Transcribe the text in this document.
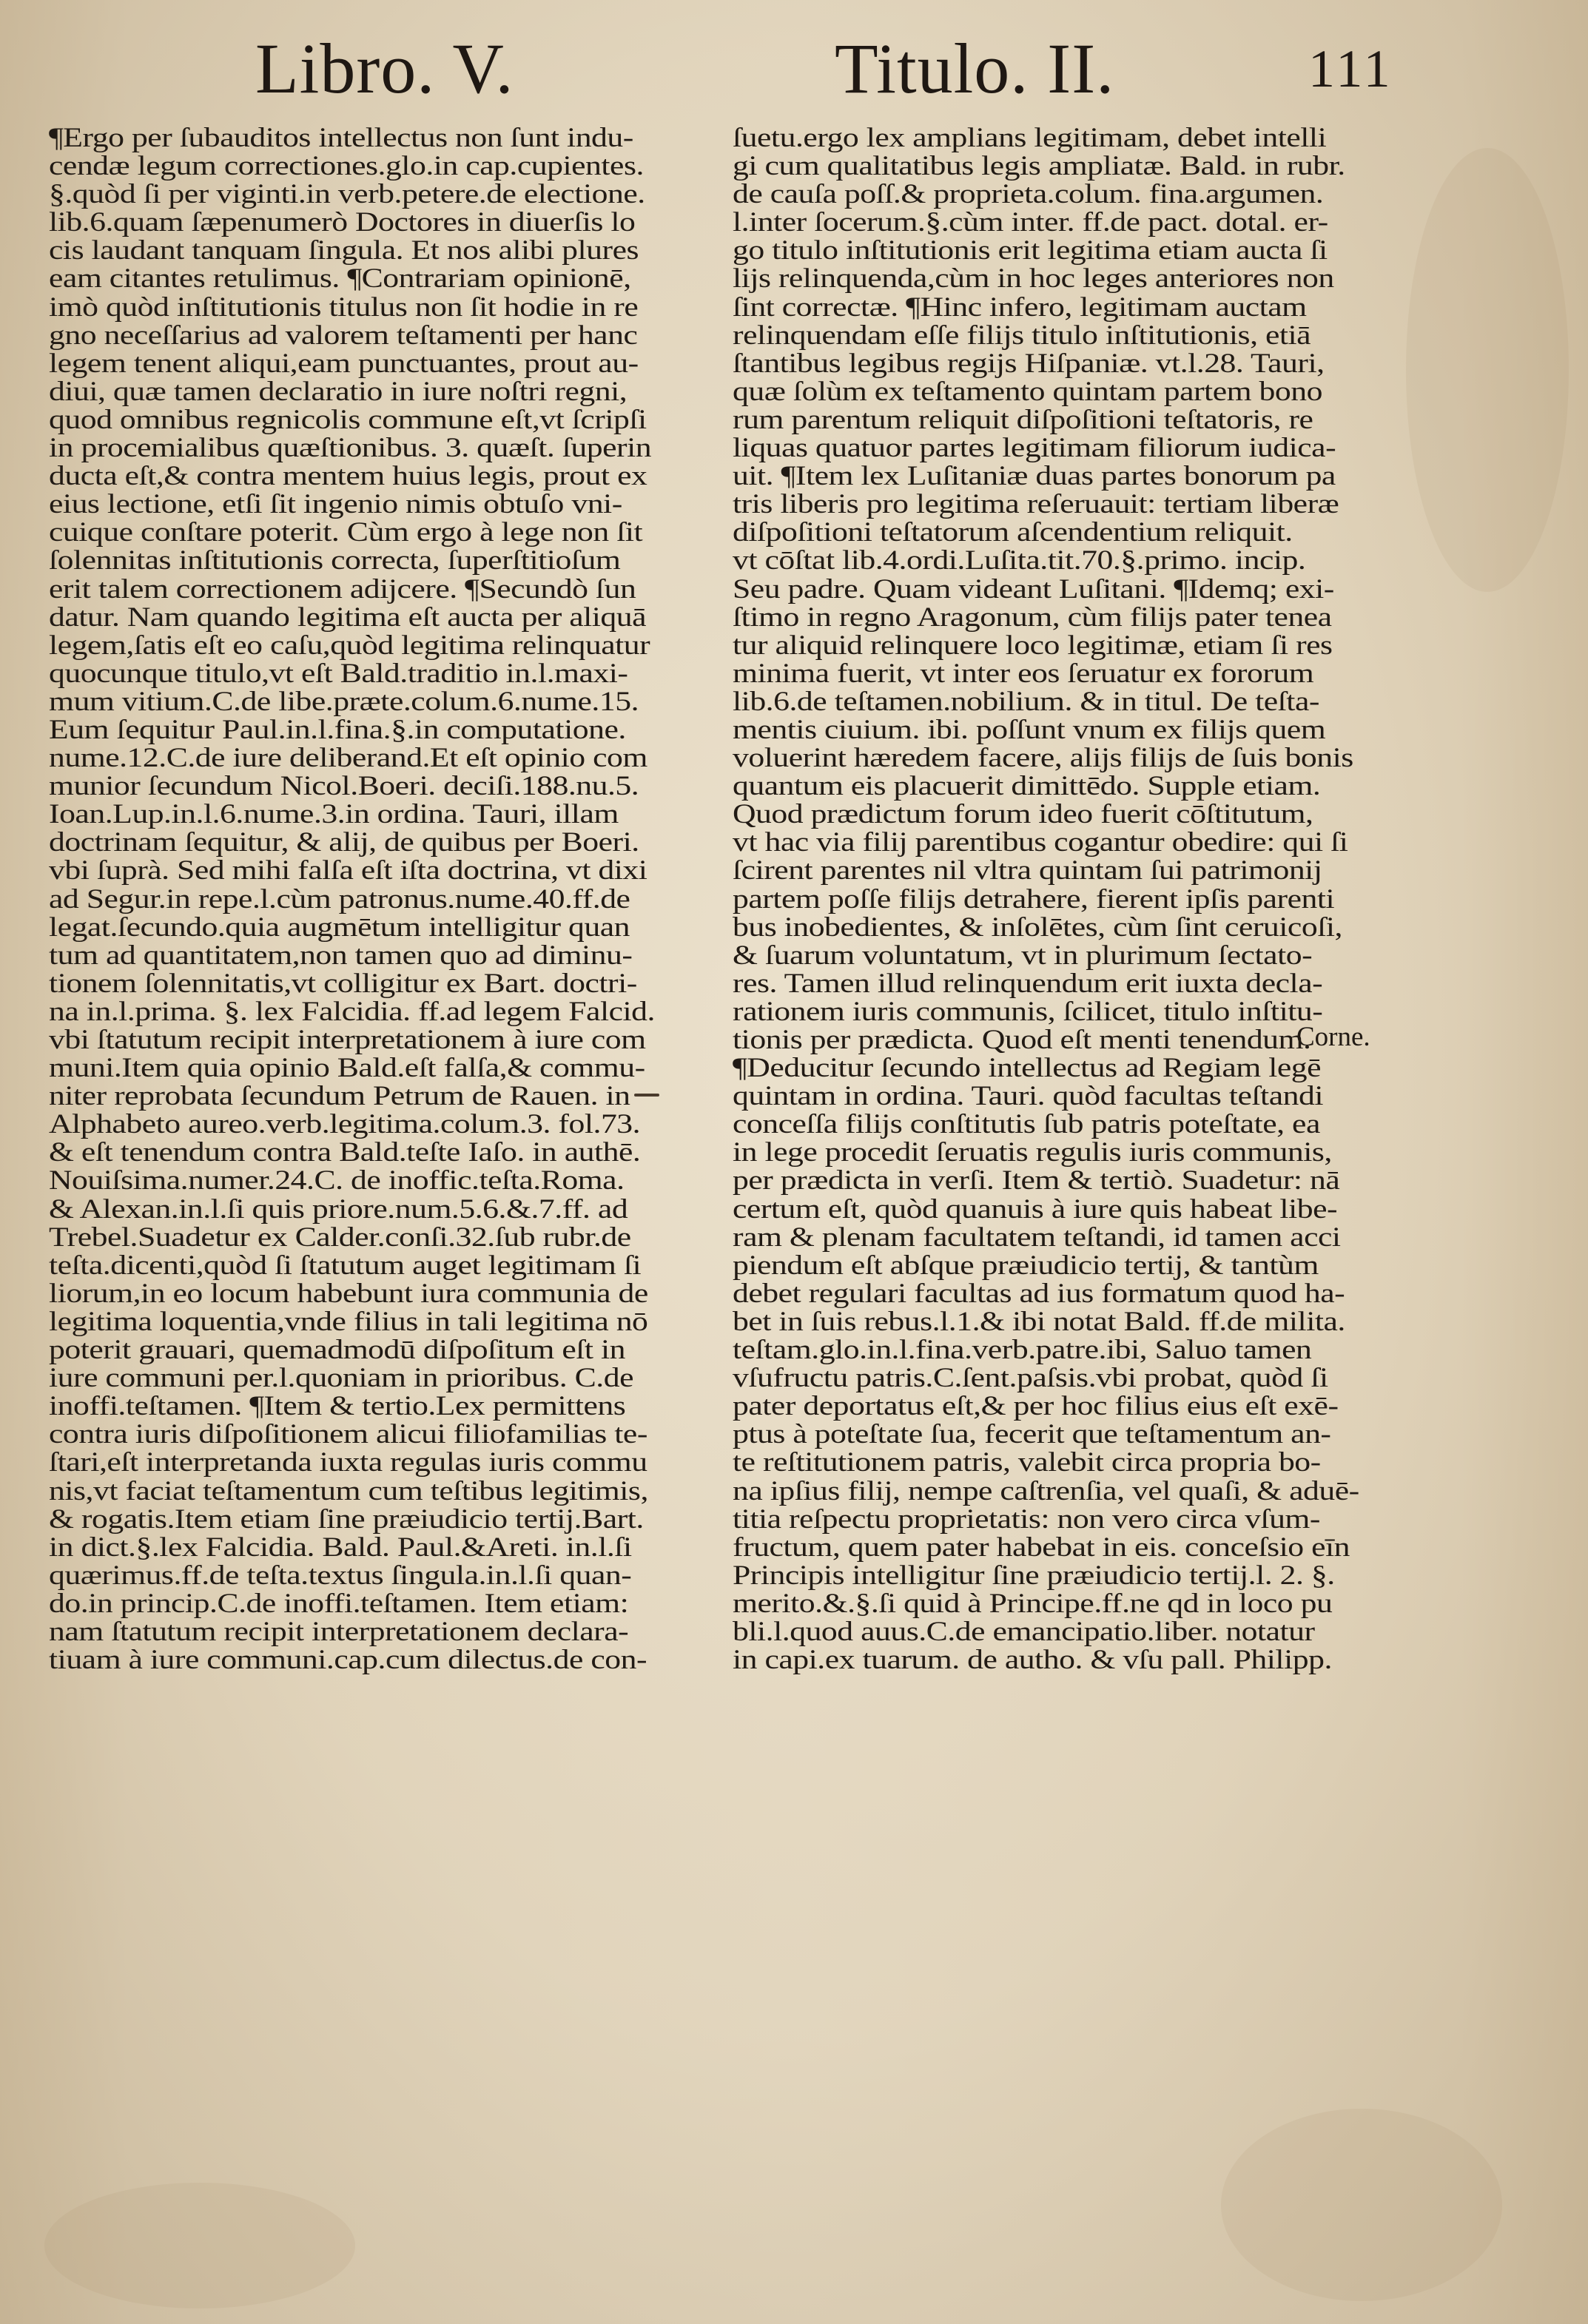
Libro. V.	Titulo. II.	111
¶Ergo per ſubauditos intellectus non ſunt indu-
cendæ legum correctiones.glo.in cap.cupientes.
§.quòd ſi per viginti.in verb.petere.de electione.
lib.6.quam ſæpenumerò Doctores in diuerſis lo
cis laudant tanquam ſingula. Et nos alibi plures
eam citantes retulimus. ¶Contrariam opinionē,
imò quòd inſtitutionis titulus non ſit hodie in re
gno neceſſarius ad valorem teſtamenti per hanc
legem tenent aliqui,eam punctuantes, prout au-
diui, quæ tamen declaratio in iure noſtri regni,
quod omnibus regnicolis commune eſt,vt ſcripſi
in procemialibus quæſtionibus. 3. quæſt. ſuperin
ducta eſt,& contra mentem huius legis, prout ex
eius lectione, etſi ſit ingenio nimis obtuſo vni-
cuique conſtare poterit. Cùm ergo à lege non ſit
ſolennitas inſtitutionis correcta, ſuperſtitioſum
erit talem correctionem adijcere. ¶Secundò ſun
datur. Nam quando legitima eſt aucta per aliquā
legem,ſatis eſt eo caſu,quòd legitima relinquatur
quocunque titulo,vt eſt Bald.traditio in.l.maxi-
mum vitium.C.de libe.præte.colum.6.nume.15.
Eum ſequitur Paul.in.l.fina.§.in computatione.
nume.12.C.de iure deliberand.Et eſt opinio com
munior ſecundum Nicol.Boeri. deciſi.188.nu.5.
Ioan.Lup.in.l.6.nume.3.in ordina. Tauri, illam
doctrinam ſequitur, & alij, de quibus per Boeri.
vbi ſuprà. Sed mihi falſa eſt iſta doctrina, vt dixi
ad Segur.in repe.l.cùm patronus.nume.40.ff.de
legat.ſecundo.quia augmētum intelligitur quan
tum ad quantitatem,non tamen quo ad diminu-
tionem ſolennitatis,vt colligitur ex Bart. doctri-
na in.l.prima. §. lex Falcidia. ff.ad legem Falcid.
vbi ſtatutum recipit interpretationem à iure com
muni.Item quia opinio Bald.eſt falſa,& commu-
niter reprobata ſecundum Petrum de Rauen. in
Alphabeto aureo.verb.legitima.colum.3. fol.73.
& eſt tenendum contra Bald.teſte Iaſo. in authē.
Nouiſsima.numer.24.C. de inoffic.teſta.Roma.
& Alexan.in.l.ſi quis priore.num.5.6.&.7.ff. ad
Trebel.Suadetur ex Calder.conſi.32.ſub rubr.de
teſta.dicenti,quòd ſi ſtatutum auget legitimam ſi
liorum,in eo locum habebunt iura communia de
legitima loquentia,vnde filius in tali legitima nō
poterit grauari, quemadmodū diſpoſitum eſt in
iure communi per.l.quoniam in prioribus. C.de
inoffi.teſtamen. ¶Item & tertio.Lex permittens
contra iuris diſpoſitionem alicui filiofamilias te-
ſtari,eſt interpretanda iuxta regulas iuris commu
nis,vt faciat teſtamentum cum teſtibus legitimis,
& rogatis.Item etiam ſine præiudicio tertij.Bart.
in dict.§.lex Falcidia. Bald. Paul.&Areti. in.l.ſi
quærimus.ff.de teſta.textus ſingula.in.l.ſi quan-
do.in princip.C.de inoffi.teſtamen. Item etiam:
nam ſtatutum recipit interpretationem declara-
tiuam à iure communi.cap.cum dilectus.de con-
ſuetu.ergo lex amplians legitimam, debet intelli
gi cum qualitatibus legis ampliatæ. Bald. in rubr.
de cauſa poſſ.& proprieta.colum. fina.argumen.
l.inter ſocerum.§.cùm inter. ff.de pact. dotal. er-
go titulo inſtitutionis erit legitima etiam aucta ſi
lijs relinquenda,cùm in hoc leges anteriores non
ſint correctæ. ¶Hinc infero, legitimam auctam
relinquendam eſſe filijs titulo inſtitutionis, etiā
ſtantibus legibus regijs Hiſpaniæ. vt.l.28. Tauri,
quæ ſolùm ex teſtamento quintam partem bono
rum parentum reliquit diſpoſitioni teſtatoris, re
liquas quatuor partes legitimam filiorum iudica-
uit. ¶Item lex Luſitaniæ duas partes bonorum pa
tris liberis pro legitima reſeruauit: tertiam liberæ
diſpoſitioni teſtatorum aſcendentium reliquit.
vt cōſtat lib.4.ordi.Luſita.tit.70.§.primo. incip.
Seu padre. Quam videant Luſitani. ¶Idemq; exi-
ſtimo in regno Aragonum, cùm filijs pater tenea
tur aliquid relinquere loco legitimæ, etiam ſi res
minima fuerit, vt inter eos ſeruatur ex fororum
lib.6.de teſtamen.nobilium. & in titul. De teſta-
mentis ciuium. ibi. poſſunt vnum ex filijs quem
voluerint hæredem facere, alijs filijs de ſuis bonis
quantum eis placuerit dimittēdo. Supple etiam.
Quod prædictum forum ideo fuerit cōſtitutum,
vt hac via filij parentibus cogantur obedire: qui ſi
ſcirent parentes nil vltra quintam ſui patrimonij
partem poſſe filijs detrahere, fierent ipſis parenti
bus inobedientes, & inſolētes, cùm ſint ceruicoſi,
& ſuarum voluntatum, vt in plurimum ſectato-
res. Tamen illud relinquendum erit iuxta decla-
rationem iuris communis, ſcilicet, titulo inſtitu-
tionis per prædicta. Quod eſt menti tenendum.
¶Deducitur ſecundo intellectus ad Regiam legē
quintam in ordina. Tauri. quòd facultas teſtandi
conceſſa filijs conſtitutis ſub patris poteſtate, ea
in lege procedit ſeruatis regulis iuris communis,
per prædicta in verſi. Item & tertiò. Suadetur: nā
certum eſt, quòd quanuis à iure quis habeat libe-
ram & plenam facultatem teſtandi, id tamen acci
piendum eſt abſque præiudicio tertij, & tantùm
debet regulari facultas ad ius formatum quod ha-
bet in ſuis rebus.l.1.& ibi notat Bald. ff.de milita.
teſtam.glo.in.l.fina.verb.patre.ibi, Saluo tamen
vſufructu patris.C.ſent.paſsis.vbi probat, quòd ſi
pater deportatus eſt,& per hoc filius eius eſt exē-
ptus à poteſtate ſua, fecerit que teſtamentum an-
te reſtitutionem patris, valebit circa propria bo-
na ipſius filij, nempe caſtrenſia, vel quaſi, & aduē-
titia reſpectu proprietatis: non vero circa vſum-
fructum, quem pater habebat in eis. conceſsio eīn
Principis intelligitur ſine præiudicio tertij.l. 2. §.
merito.&.§.ſi quid à Principe.ff.ne qd in loco pu
bli.l.quod auus.C.de emancipatio.liber. notatur
in capi.ex tuarum. de autho. & vſu pall. Philipp.
Corne.
